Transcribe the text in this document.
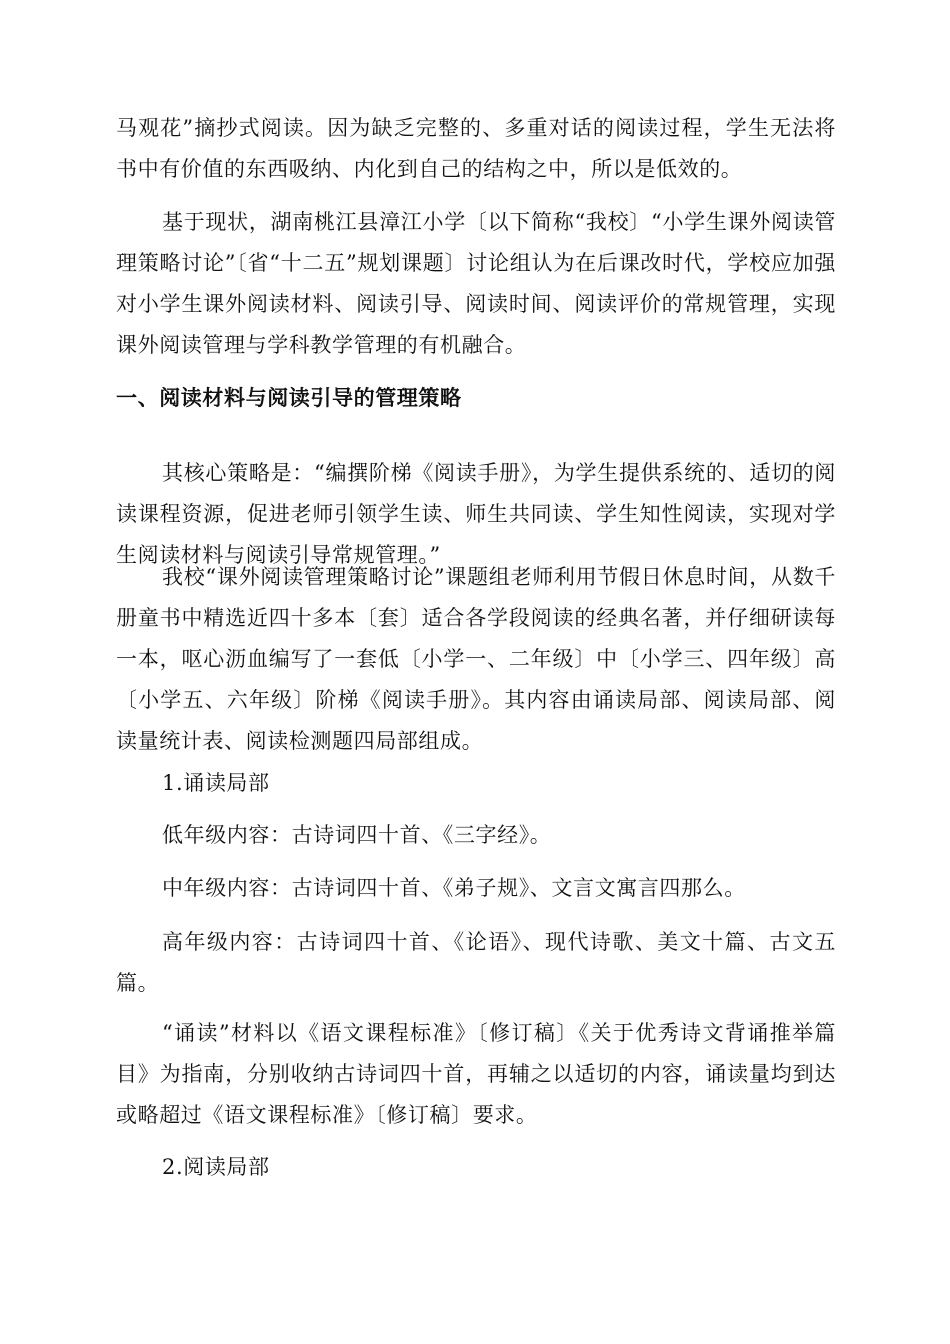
马观花”摘抄式阅读。因为缺乏完整的、多重对话的阅读过程，学生无法将书中有价值的东西吸纳、内化到自己的结构之中，所以是低效的。

基于现状，湖南桃江县漳江小学〔以下简称“我校〕“小学生课外阅读管理策略讨论”〔省“十二五”规划课题〕讨论组认为在后课改时代，学校应加强对小学生课外阅读材料、阅读引导、阅读时间、阅读评价的常规管理，实现课外阅读管理与学科教学管理的有机融合。

一、阅读材料与阅读引导的管理策略

其核心策略是：“编撰阶梯《阅读手册》，为学生提供系统的、适切的阅读课程资源，促进老师引领学生读、师生共同读、学生知性阅读，实现对学生阅读材料与阅读引导常规管理。”

我校“课外阅读管理策略讨论”课题组老师利用节假日休息时间，从数千册童书中精选近四十多本〔套〕适合各学段阅读的经典名著，并仔细研读每一本，呕心沥血编写了一套低〔小学一、二年级〕中〔小学三、四年级〕高〔小学五、六年级〕阶梯《阅读手册》。其内容由诵读局部、阅读局部、阅读量统计表、阅读检测题四局部组成。

1.诵读局部

低年级内容：古诗词四十首、《三字经》。

中年级内容：古诗词四十首、《弟子规》、文言文寓言四那么。

高年级内容：古诗词四十首、《论语》、现代诗歌、美文十篇、古文五篇。

“诵读”材料以《语文课程标准》〔修订稿〕《关于优秀诗文背诵推举篇目》为指南，分别收纳古诗词四十首，再辅之以适切的内容，诵读量均到达或略超过《语文课程标准》〔修订稿〕要求。

2.阅读局部
